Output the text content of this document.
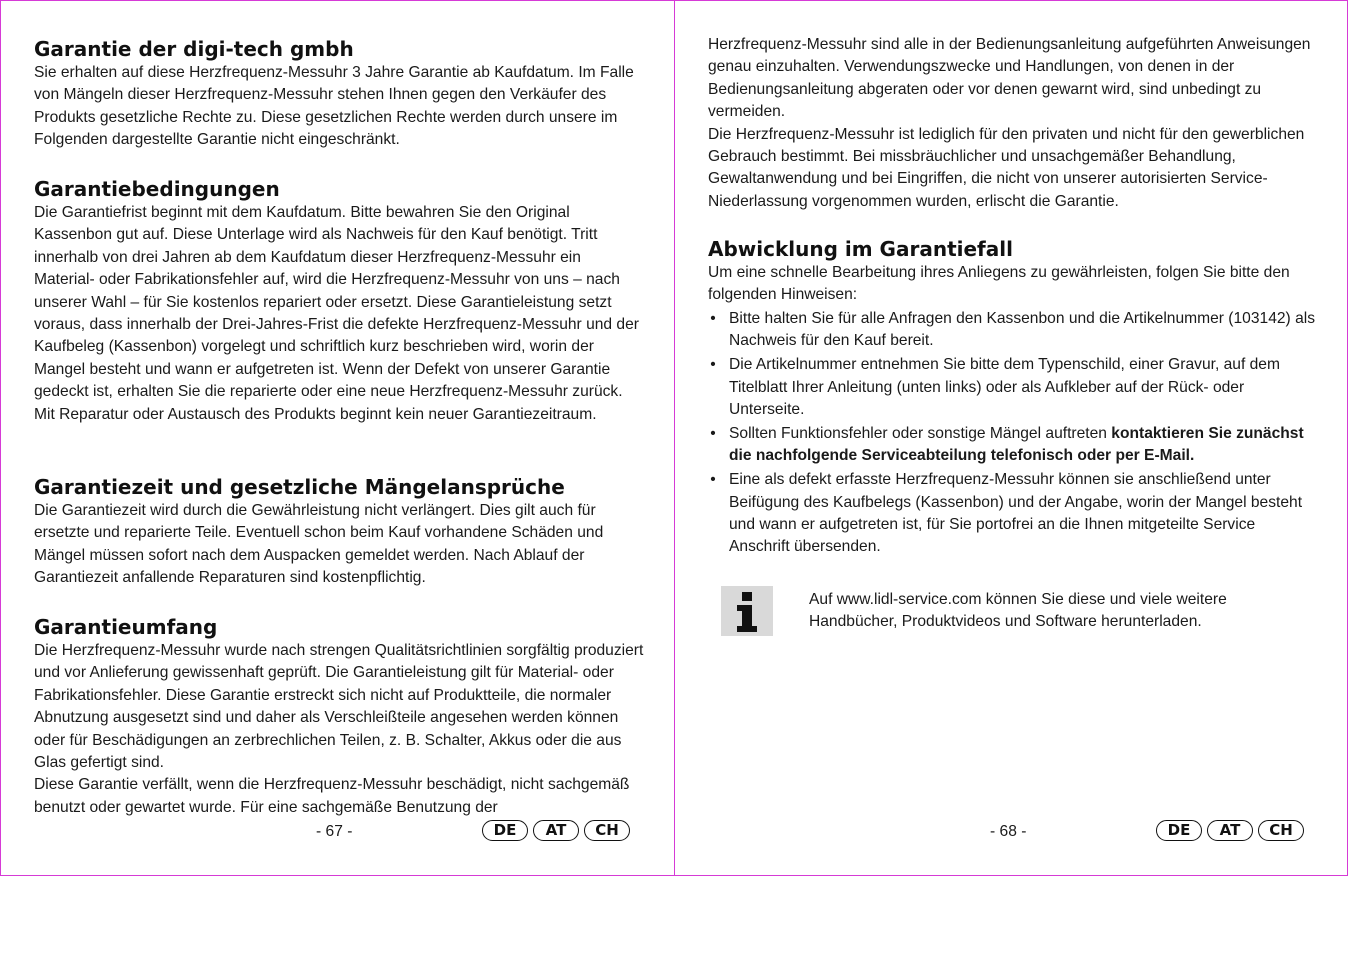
Garantie der digi-tech gmbh

Sie erhalten auf diese Herzfrequenz-Messuhr 3 Jahre Garantie ab Kaufdatum. Im Falle von Mängeln dieser Herzfrequenz-Messuhr stehen Ihnen gegen den Verkäufer des Produkts gesetzliche Rechte zu. Diese gesetzlichen Rechte werden durch unsere im Folgenden dargestellte Garantie nicht eingeschränkt.

Garantiebedingungen

Die Garantiefrist beginnt mit dem Kaufdatum. Bitte bewahren Sie den Original Kassenbon gut auf. Diese Unterlage wird als Nachweis für den Kauf benötigt. Tritt innerhalb von drei Jahren ab dem Kaufdatum dieser Herzfrequenz-Messuhr ein Material- oder Fabrikationsfehler auf, wird die Herzfrequenz-Messuhr von uns – nach unserer Wahl – für Sie kostenlos repariert oder ersetzt. Diese Garantieleistung setzt voraus, dass innerhalb der Drei-Jahres-Frist die defekte Herzfrequenz-Messuhr und der Kaufbeleg (Kassenbon) vorgelegt und schriftlich kurz beschrieben wird, worin der Mangel besteht und wann er aufgetreten ist. Wenn der Defekt von unserer Garantie gedeckt ist, erhalten Sie die reparierte oder eine neue Herzfrequenz-Messuhr zurück. Mit Reparatur oder Austausch des Produkts beginnt kein neuer Garantiezeitraum.

Garantiezeit und gesetzliche Mängelansprüche

Die Garantiezeit wird durch die Gewährleistung nicht verlängert. Dies gilt auch für ersetzte und reparierte Teile. Eventuell schon beim Kauf vorhandene Schäden und Mängel müssen sofort nach dem Auspacken gemeldet werden. Nach Ablauf der Garantiezeit anfallende Reparaturen sind kostenpflichtig.

Garantieumfang

Die Herzfrequenz-Messuhr wurde nach strengen Qualitätsrichtlinien sorgfältig produziert und vor Anlieferung gewissenhaft geprüft. Die Garantieleistung gilt für Material- oder Fabrikationsfehler. Diese Garantie erstreckt sich nicht auf Produktteile, die normaler Abnutzung ausgesetzt sind und daher als Verschleißteile angesehen werden können oder für Beschädigungen an zerbrechlichen Teilen, z. B. Schalter, Akkus oder die aus Glas gefertigt sind.

Diese Garantie verfällt, wenn die Herzfrequenz-Messuhr beschädigt, nicht sachgemäß benutzt oder gewartet wurde. Für eine sachgemäße Benutzung der

- 67 -	DE	AT	CH

Herzfrequenz-Messuhr sind alle in der Bedienungsanleitung aufgeführten Anweisungen genau einzuhalten. Verwendungszwecke und Handlungen, von denen in der Bedienungsanleitung abgeraten oder vor denen gewarnt wird, sind unbedingt zu vermeiden.

Die Herzfrequenz-Messuhr ist lediglich für den privaten und nicht für den gewerblichen Gebrauch bestimmt. Bei missbräuchlicher und unsachgemäßer Behandlung, Gewaltanwendung und bei Eingriffen, die nicht von unserer autorisierten Service-Niederlassung vorgenommen wurden, erlischt die Garantie.

Abwicklung im Garantiefall

Um eine schnelle Bearbeitung ihres Anliegens zu gewährleisten, folgen Sie bitte den folgenden Hinweisen:

• Bitte halten Sie für alle Anfragen den Kassenbon und die Artikelnummer (103142) als Nachweis für den Kauf bereit.
• Die Artikelnummer entnehmen Sie bitte dem Typenschild, einer Gravur, auf dem Titelblatt Ihrer Anleitung (unten links) oder als Aufkleber auf der Rück- oder Unterseite.
• Sollten Funktionsfehler oder sonstige Mängel auftreten kontaktieren Sie zunächst die nachfolgende Serviceabteilung telefonisch oder per E-Mail.
• Eine als defekt erfasste Herzfrequenz-Messuhr können sie anschließend unter Beifügung des Kaufbelegs (Kassenbon) und der Angabe, worin der Mangel besteht und wann er aufgetreten ist, für Sie portofrei an die Ihnen mitgeteilte Service Anschrift übersenden.

Auf www.lidl-service.com können Sie diese und viele weitere Handbücher, Produktvideos und Software herunterladen.

- 68 -	DE	AT	CH
